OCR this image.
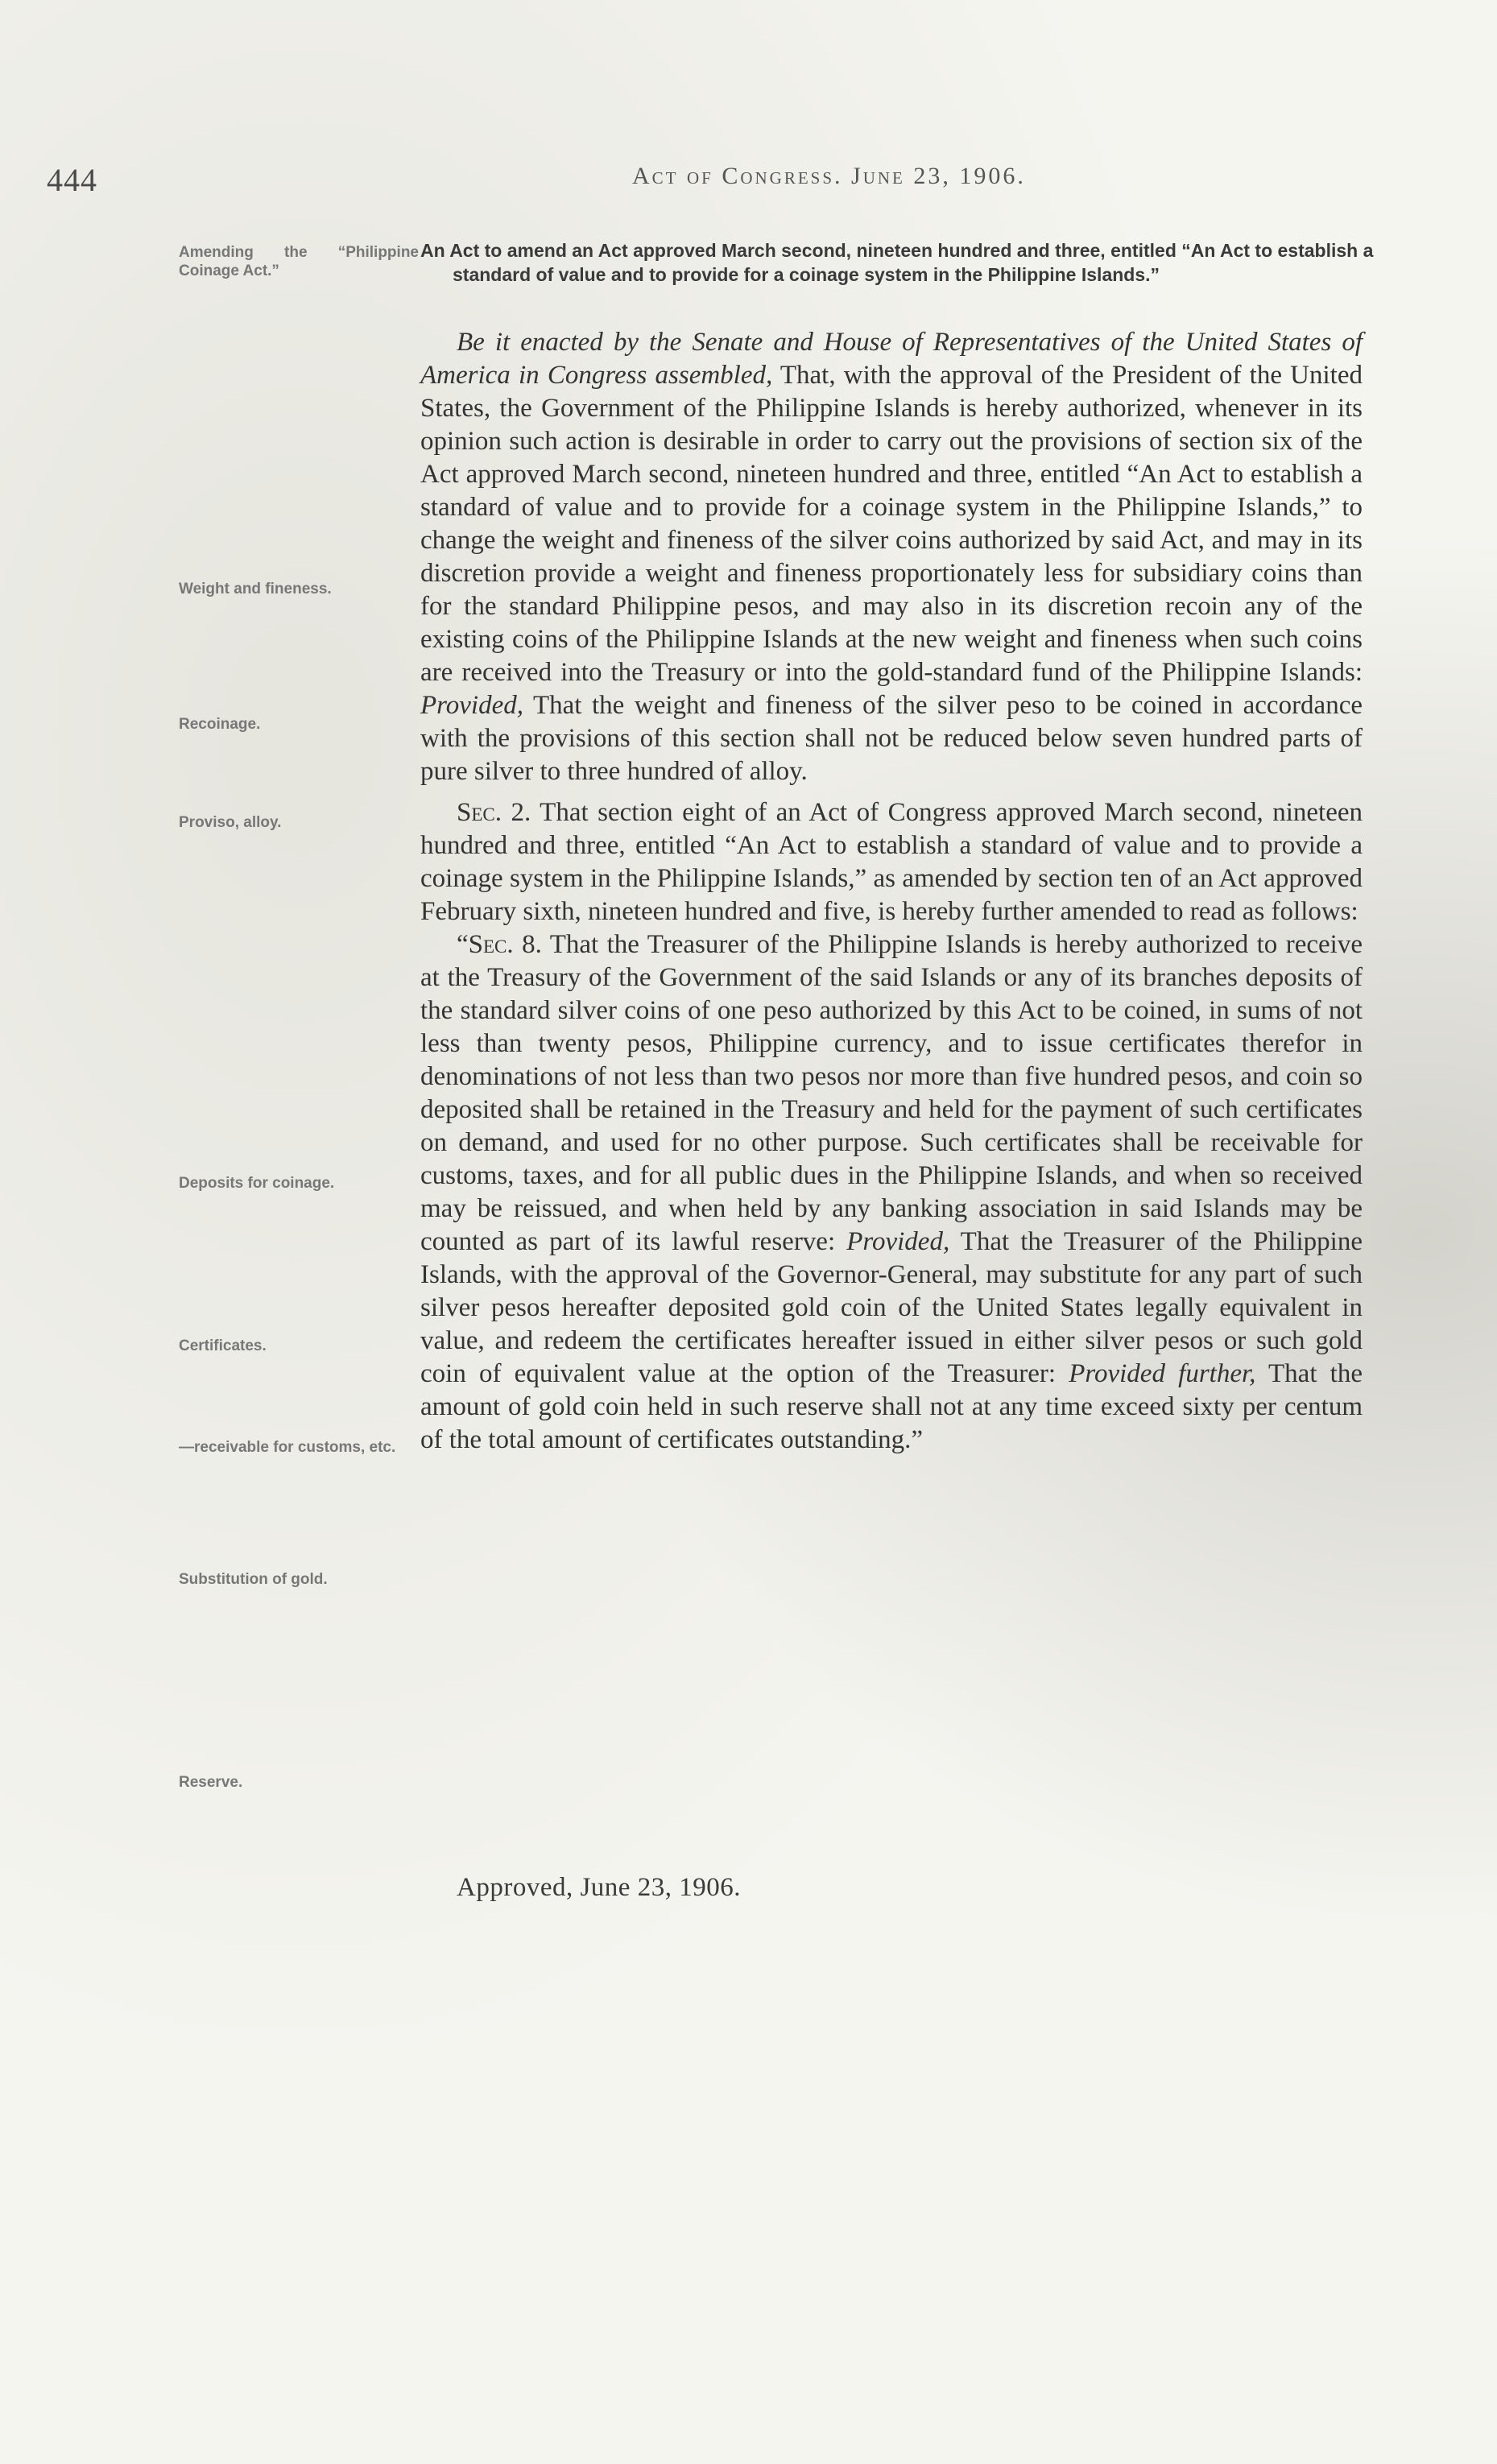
444	Act of Congress. June 23, 1906.
Amending the “Philippine Coinage Act.”
An Act to amend an Act approved March second, nineteen hundred and three, entitled “An Act to establish a standard of value and to provide for a coinage system in the Philippine Islands.”
Weight and fineness.
Recoinage.
Proviso, alloy.
Deposits for coinage.
Certificates.
—receivable for customs, etc.
Substitution of gold.
Reserve.

Be it enacted by the Senate and House of Representatives of the United States of America in Congress assembled, That, with the approval of the President of the United States, the Government of the Philippine Islands is hereby authorized, whenever in its opinion such action is desirable in order to carry out the provisions of section six of the Act approved March second, nineteen hundred and three, entitled “An Act to establish a standard of value and to provide for a coinage system in the Philippine Islands,” to change the weight and fineness of the silver coins authorized by said Act, and may in its discretion provide a weight and fineness proportionately less for subsidiary coins than for the standard Philippine pesos, and may also in its discretion recoin any of the existing coins of the Philippine Islands at the new weight and fineness when such coins are received into the Treasury or into the gold-standard fund of the Philippine Islands: Provided, That the weight and fineness of the silver peso to be coined in accordance with the provisions of this section shall not be reduced below seven hundred parts of pure silver to three hundred of alloy.

Sec. 2. That section eight of an Act of Congress approved March second, nineteen hundred and three, entitled “An Act to establish a standard of value and to provide a coinage system in the Philippine Islands,” as amended by section ten of an Act approved February sixth, nineteen hundred and five, is hereby further amended to read as follows:

“Sec. 8. That the Treasurer of the Philippine Islands is hereby authorized to receive at the Treasury of the Government of the said Islands or any of its branches deposits of the standard silver coins of one peso authorized by this Act to be coined, in sums of not less than twenty pesos, Philippine currency, and to issue certificates therefor in denominations of not less than two pesos nor more than five hundred pesos, and coin so deposited shall be retained in the Treasury and held for the payment of such certificates on demand, and used for no other purpose. Such certificates shall be receivable for customs, taxes, and for all public dues in the Philippine Islands, and when so received may be reissued, and when held by any banking association in said Islands may be counted as part of its lawful reserve: Provided, That the Treasurer of the Philippine Islands, with the approval of the Governor-General, may substitute for any part of such silver pesos hereafter deposited gold coin of the United States legally equivalent in value, and redeem the certificates hereafter issued in either silver pesos or such gold coin of equivalent value at the option of the Treasurer: Provided further, That the amount of gold coin held in such reserve shall not at any time exceed sixty per centum of the total amount of certificates outstanding.”

Approved, June 23, 1906.
